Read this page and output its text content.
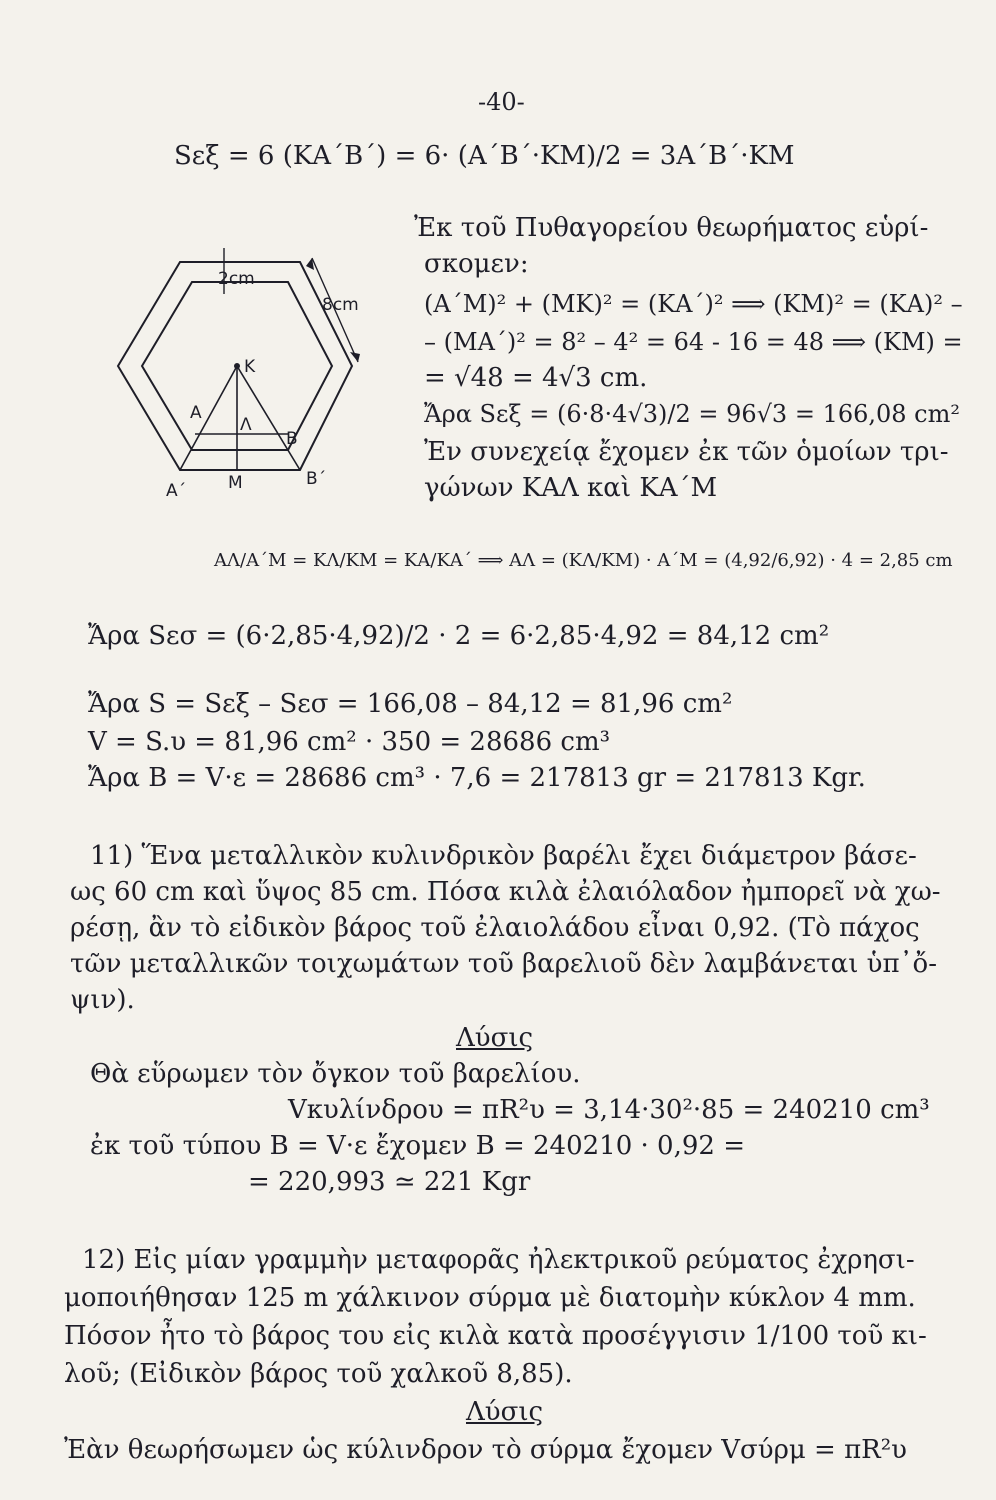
-40-
Sεξ = 6 (ΚΑ΄Β΄) = 6· (Α΄Β΄·ΚΜ)/2 = 3Α΄Β΄·ΚΜ
2cm
8cm
K
A
Λ
B
A΄ M	B΄
Ἐκ τοῦ Πυθαγορείου θεωρήματος εὑρί-
σκομεν:
(Α΄Μ)² + (ΜΚ)² = (ΚΑ΄)² ⟹ (ΚΜ)² = (ΚΑ)² –
– (ΜΑ΄)² = 8² – 4² = 64 - 16 = 48 ⟹ (ΚΜ) =
= √48 = 4√3 cm.
Ἄρα Sεξ = (6·8·4√3)/2 = 96√3 = 166,08 cm²
Ἐν συνεχείᾳ ἔχομεν ἐκ τῶν ὁμοίων τρι-
γώνων ΚΑΛ καὶ ΚΑ΄Μ
ΑΛ/Α΄Μ = ΚΛ/ΚΜ = ΚΑ/ΚΑ΄ ⟹ ΑΛ = (ΚΛ/ΚΜ) · Α΄Μ = (4,92/6,92) · 4 = 2,85 cm
Ἄρα Sεσ = (6·2,85·4,92)/2 · 2 = 6·2,85·4,92 = 84,12 cm²
Ἄρα S = Sεξ – Sεσ = 166,08 – 84,12 = 81,96 cm²
V = S.υ = 81,96 cm² · 350 = 28686 cm³
Ἄρα Β = V·ε = 28686 cm³ · 7,6 = 217813 gr = 217813 Kgr.
11) Ἕνα μεταλλικὸν κυλινδρικὸν βαρέλι ἔχει διάμετρον βάσε-
ως 60 cm καὶ ὕψος 85 cm. Πόσα κιλὰ ἐλαιόλαδον ἠμπορεῖ νὰ χω-
ρέσῃ, ἂν τὸ εἰδικὸν βάρος τοῦ ἐλαιολάδου εἶναι 0,92. (Τὸ πάχος
τῶν μεταλλικῶν τοιχωμάτων τοῦ βαρελιοῦ δὲν λαμβάνεται ὑπ᾽ὄ-
ψιν).
Λύσις
Θὰ εὕρωμεν τὸν ὄγκον τοῦ βαρελίου.
Vκυλίνδρου = πR²υ = 3,14·30²·85 = 240210 cm³
ἐκ τοῦ τύπου Β = V·ε ἔχομεν Β = 240210 · 0,92 =
= 220,993 ≃ 221 Kgr
12) Εἰς μίαν γραμμὴν μεταφορᾶς ἠλεκτρικοῦ ρεύματος ἐχρησι-
μοποιήθησαν 125 m χάλκινον σύρμα μὲ διατομὴν κύκλον 4 mm.
Πόσον ἦτο τὸ βάρος του εἰς κιλὰ κατὰ προσέγγισιν 1/100 τοῦ κι-
λοῦ; (Εἰδικὸν βάρος τοῦ χαλκοῦ 8,85).
Λύσις
Ἐὰν θεωρήσωμεν ὡς κύλινδρον τὸ σύρμα ἔχομεν Vσύρμ = πR²υ
